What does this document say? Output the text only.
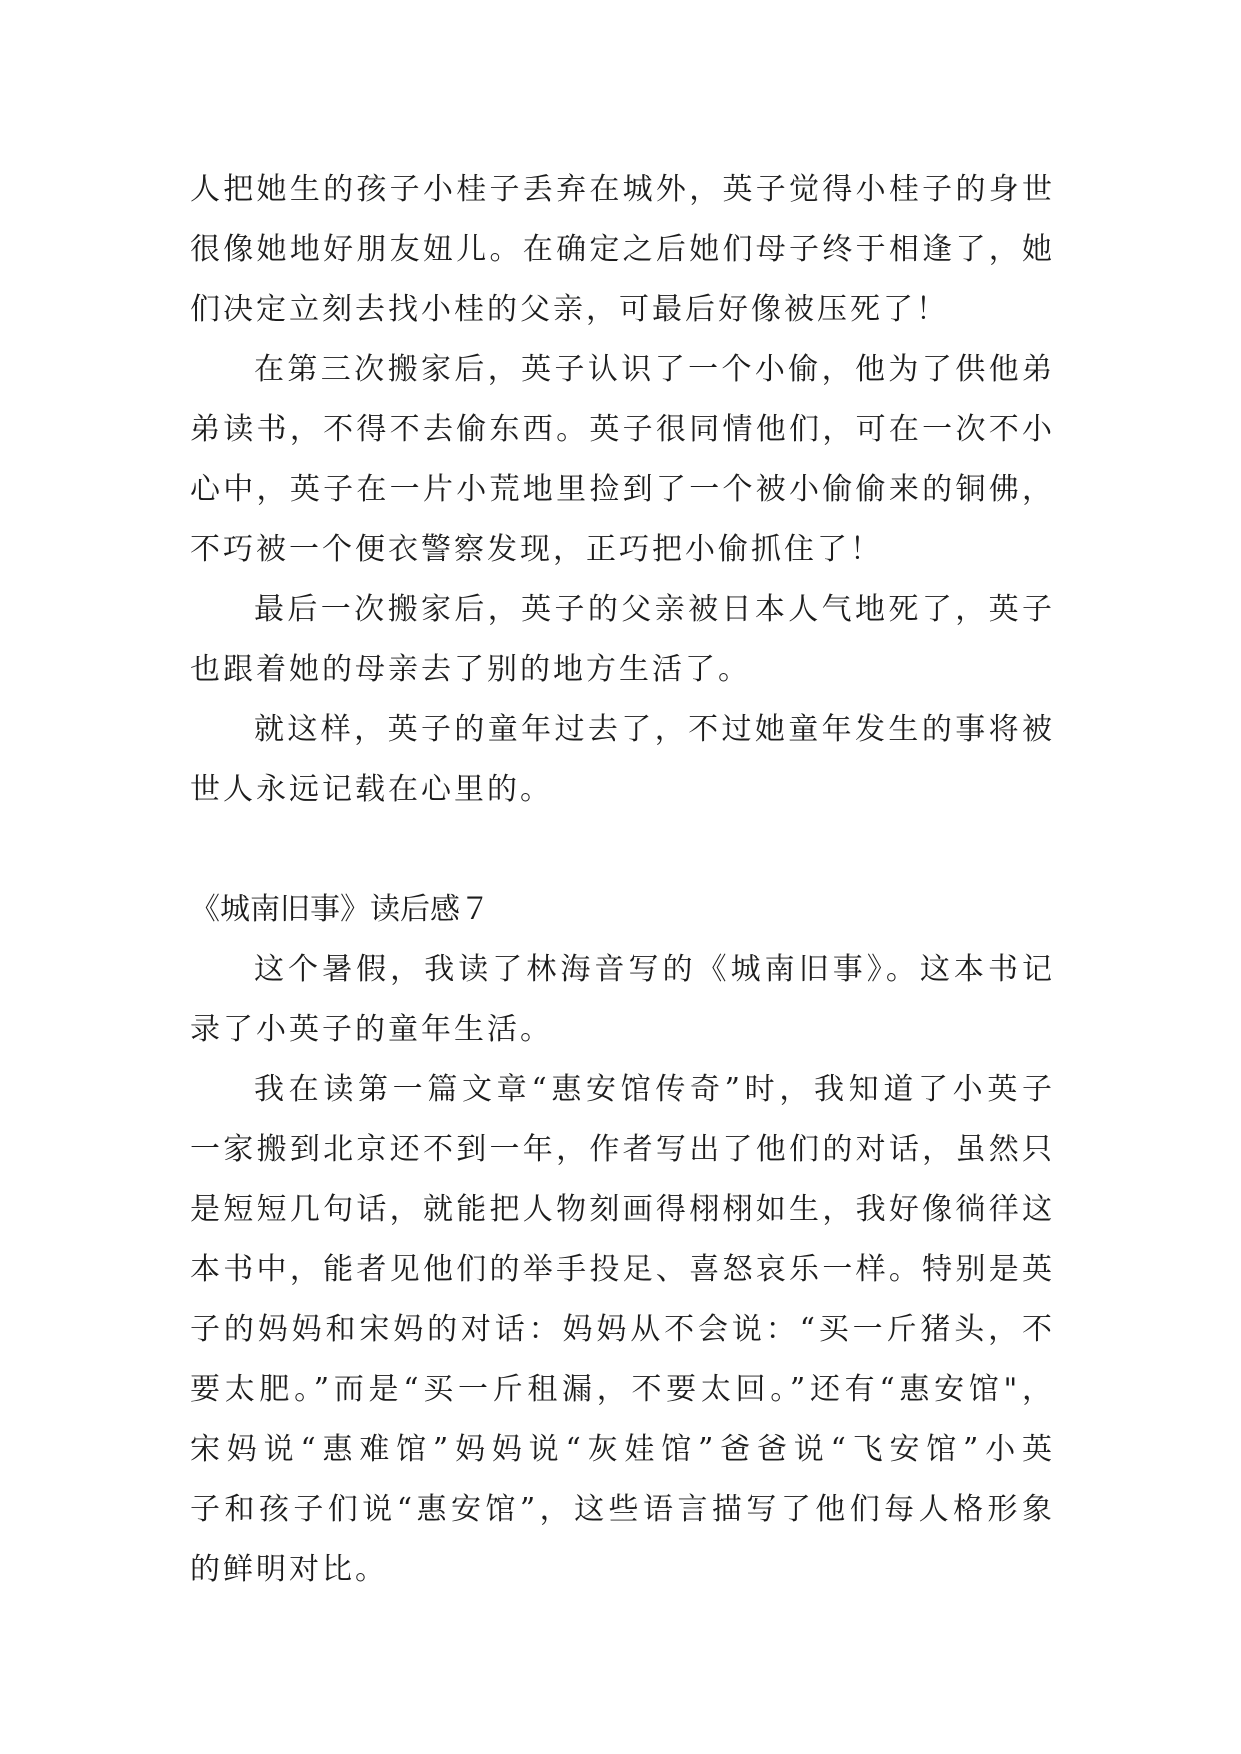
人把她生的孩子小桂子丢弃在城外，英子觉得小桂子的身世
很像她地好朋友妞儿。在确定之后她们母子终于相逢了，她
们决定立刻去找小桂的父亲，可最后好像被压死了！
在第三次搬家后，英子认识了一个小偷，他为了供他弟
弟读书，不得不去偷东西。英子很同情他们，可在一次不小
心中，英子在一片小荒地里捡到了一个被小偷偷来的铜佛，
不巧被一个便衣警察发现，正巧把小偷抓住了！
最后一次搬家后，英子的父亲被日本人气地死了，英子
也跟着她的母亲去了别的地方生活了。
就这样，英子的童年过去了，不过她童年发生的事将被
世人永远记载在心里的。
《城南旧事》读后感７
这个暑假，我读了林海音写的《城南旧事》。这本书记
录了小英子的童年生活。
我在读第一篇文章“惠安馆传奇”时，我知道了小英子
一家搬到北京还不到一年，作者写出了他们的对话，虽然只
是短短几句话，就能把人物刻画得栩栩如生，我好像徜徉这
本书中，能者见他们的举手投足、喜怒哀乐一样。特别是英
子的妈妈和宋妈的对话：妈妈从不会说：“买一斤猪头，不
要太肥。”而是“买一斤租漏，不要太回。”还有“惠安馆"，
宋妈说“惠难馆”妈妈说“灰娃馆”爸爸说“飞安馆”小英
子和孩子们说“惠安馆”，这些语言描写了他们每人格形象
的鲜明对比。
